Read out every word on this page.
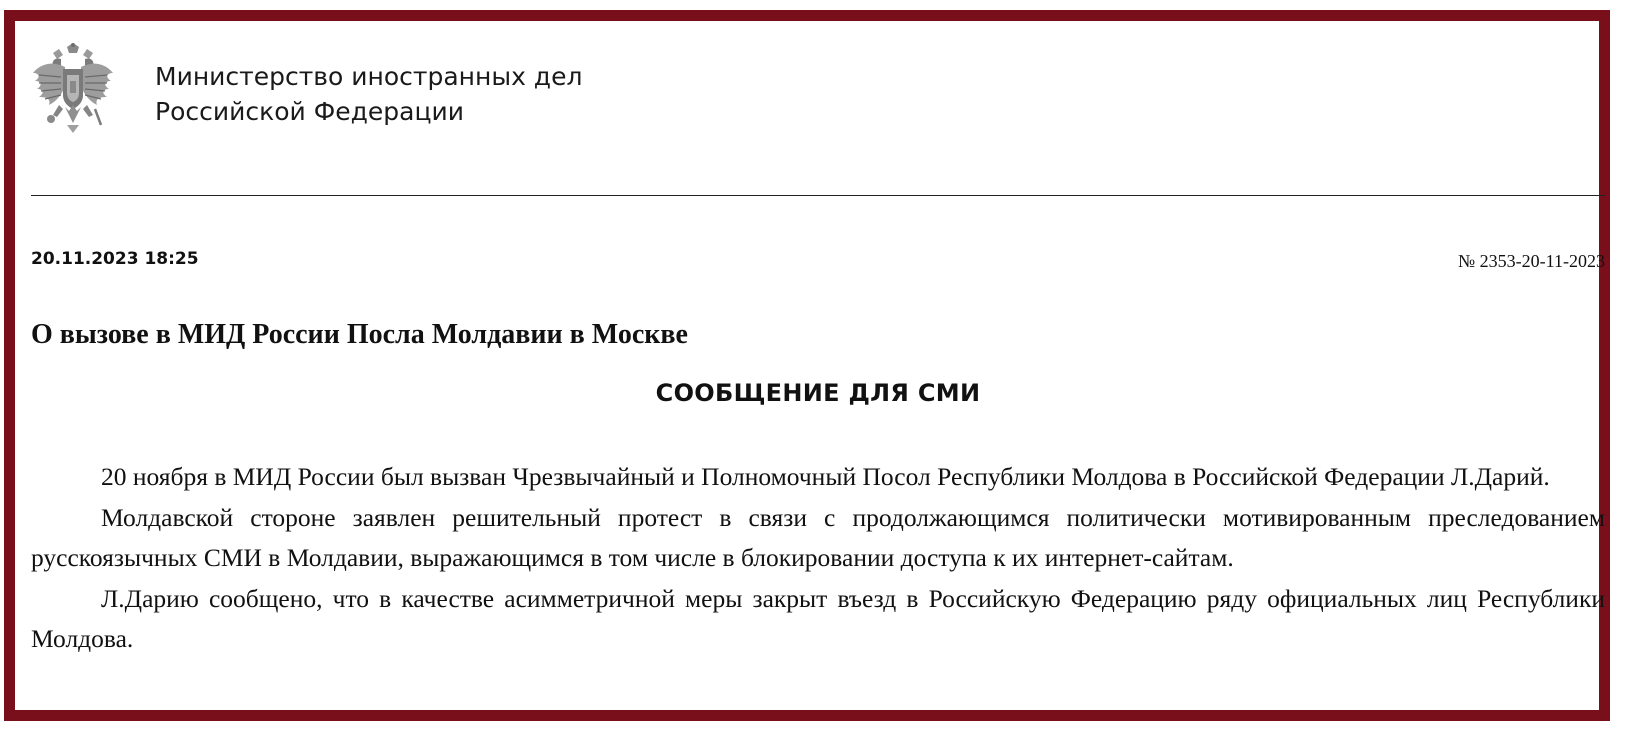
Министерство иностранных дел
Российской Федерации
20.11.2023 18:25	№ 2353-20-11-2023
О вызове в МИД России Посла Молдавии в Москве
СООБЩЕНИЕ ДЛЯ СМИ

20 ноября в МИД России был вызван Чрезвычайный и Полномочный Посол Республики Молдова в Российской Федерации Л.Дарий.

Молдавской стороне заявлен решительный протест в связи с продолжающимся политически мотивированным преследованием русскоязычных СМИ в Молдавии, выражающимся в том числе в блокировании доступа к их интернет-сайтам.

Л.Дарию сообщено, что в качестве асимметричной меры закрыт въезд в Российскую Федерацию ряду официальных лиц Республики Молдова.
